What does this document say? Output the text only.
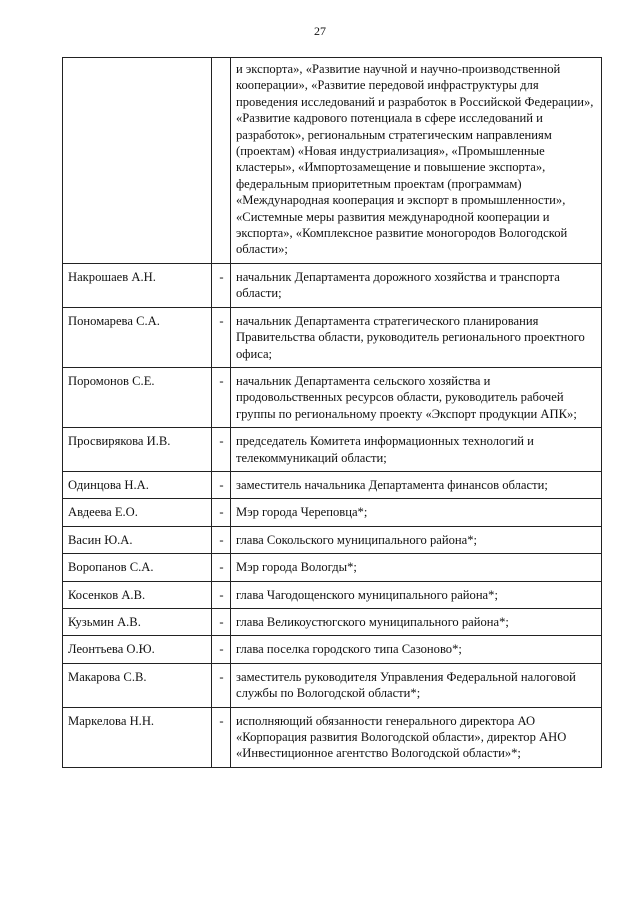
27
		и экспорта», «Развитие научной и научно-производственной кооперации», «Развитие передовой инфраструктуры для проведения исследований и разработок в Российской Федерации», «Развитие кадрового потенциала в сфере исследований и разработок», региональным стратегическим направлениям (проектам) «Новая индустриализация», «Промышленные кластеры», «Импортозамещение и повышение экспорта», федеральным приоритетным проектам (программам) «Международная кооперация и экспорт в промышленности», «Системные меры развития международной кооперации и экспорта», «Комплексное развитие моногородов Вологодской области»;
Накрошаев А.Н.	-	начальник Департамента дорожного хозяйства и транспорта области;
Пономарева С.А.	-	начальник Департамента стратегического планирования Правительства области, руководитель регионального проектного офиса;
Поромонов С.Е.	-	начальник Департамента сельского хозяйства и продовольственных ресурсов области, руководитель рабочей группы по региональному проекту «Экспорт продукции АПК»;
Просвирякова И.В.	-	председатель Комитета информационных технологий и телекоммуникаций области;
Одинцова Н.А.	-	заместитель начальника Департамента финансов области;
Авдеева Е.О.	-	Мэр города Череповца*;
Васин Ю.А.	-	глава Сокольского муниципального района*;
Воропанов С.А.	-	Мэр города Вологды*;
Косенков А.В.	-	глава Чагодощенского муниципального района*;
Кузьмин А.В.	-	глава Великоустюгского муниципального района*;
Леонтьева О.Ю.	-	глава поселка городского типа Сазоново*;
Макарова С.В.	-	заместитель руководителя Управления Федеральной налоговой службы по Вологодской области*;
Маркелова Н.Н.	-	исполняющий обязанности генерального директора АО «Корпорация развития Вологодской области», директор АНО «Инвестиционное агентство Вологодской области»*;
